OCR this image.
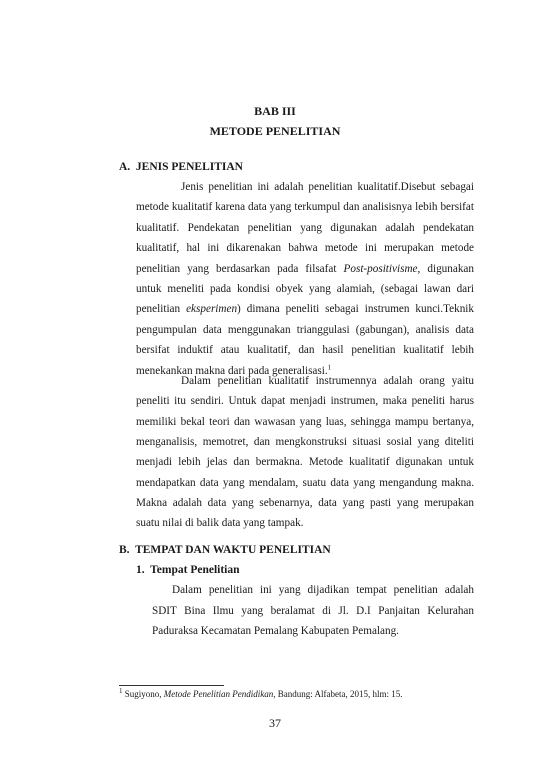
BAB III
METODE PENELITIAN
A.  JENIS PENELITIAN
Jenis penelitian ini adalah penelitian kualitatif.Disebut sebagai
metode kualitatif karena data yang terkumpul dan analisisnya lebih bersifat
kualitatif. Pendekatan penelitian yang digunakan adalah pendekatan
kualitatif, hal ini dikarenakan bahwa metode ini merupakan metode
penelitian yang berdasarkan pada filsafat Post-positivisme, digunakan
untuk meneliti pada kondisi obyek yang alamiah, (sebagai lawan dari
penelitian eksperimen) dimana peneliti sebagai instrumen kunci.Teknik
pengumpulan data menggunakan trianggulasi (gabungan), analisis data
bersifat induktif atau kualitatif, dan hasil penelitian kualitatif lebih
menekankan makna dari pada generalisasi.$^1$
Dalam penelitian kualitatif instrumennya adalah orang yaitu
peneliti itu sendiri. Untuk dapat menjadi instrumen, maka peneliti harus
memiliki bekal teori dan wawasan yang luas, sehingga mampu bertanya,
menganalisis, memotret, dan mengkonstruksi situasi sosial yang diteliti
menjadi lebih jelas dan bermakna. Metode kualitatif digunakan untuk
mendapatkan data yang mendalam, suatu data yang mengandung makna.
Makna adalah data yang sebenarnya, data yang pasti yang merupakan
suatu nilai di balik data yang tampak.
B.  TEMPAT DAN WAKTU PENELITIAN
1.  Tempat Penelitian
Dalam penelitian ini yang dijadikan tempat penelitian adalah
SDIT Bina Ilmu yang beralamat di Jl. D.I Panjaitan Kelurahan
Paduraksa Kecamatan Pemalang Kabupaten Pemalang.
$^1$ Sugiyono, Metode Penelitian Pendidikan, Bandung: Alfabeta, 2015, hlm: 15.
37
